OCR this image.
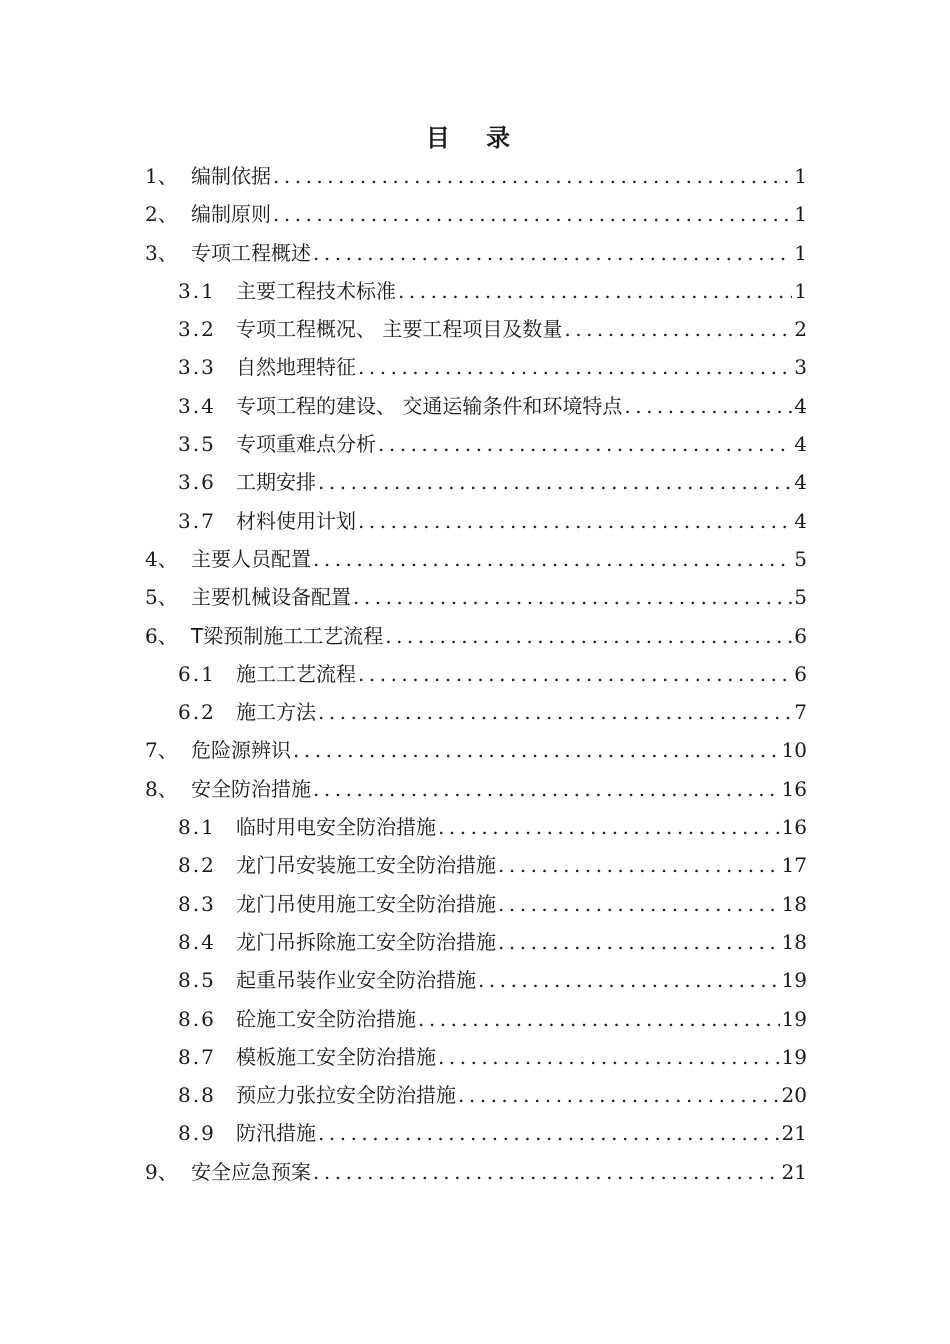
目 录
1、 编制依据 .....	1
2、 编制原则 .....	1
3、 专项工程概述 .....	1
3.1	主要工程技术标准 .....	1
3.2	专项工程概况、 主要工程项目及数量 .....	2
3.3	自然地理特征 .....	3
3.4	专项工程的建设、 交通运输条件和环境特点 .....	4
3.5	专项重难点分析 .....	4
3.6	工期安排 .....	4
3.7	材料使用计划 .....	4
4、 主要人员配置 .....	5
5、 主要机械设备配置 .....	5
6、 T梁预制施工工艺流程 .....	6
6.1	施工工艺流程 .....	6
6.2	施工方法 .....	7
7、 危险源辨识 .....	10
8、 安全防治措施 .....	16
8.1	临时用电安全防治措施 .....	16
8.2	龙门吊安装施工安全防治措施 .....	17
8.3	龙门吊使用施工安全防治措施 .....	18
8.4	龙门吊拆除施工安全防治措施 .....	18
8.5	起重吊装作业安全防治措施 .....	19
8.6	砼施工安全防治措施 .....	19
8.7	模板施工安全防治措施 .....	19
8.8	预应力张拉安全防治措施 .....	20
8.9	防汛措施 .....	21
9、 安全应急预案 .....	21
